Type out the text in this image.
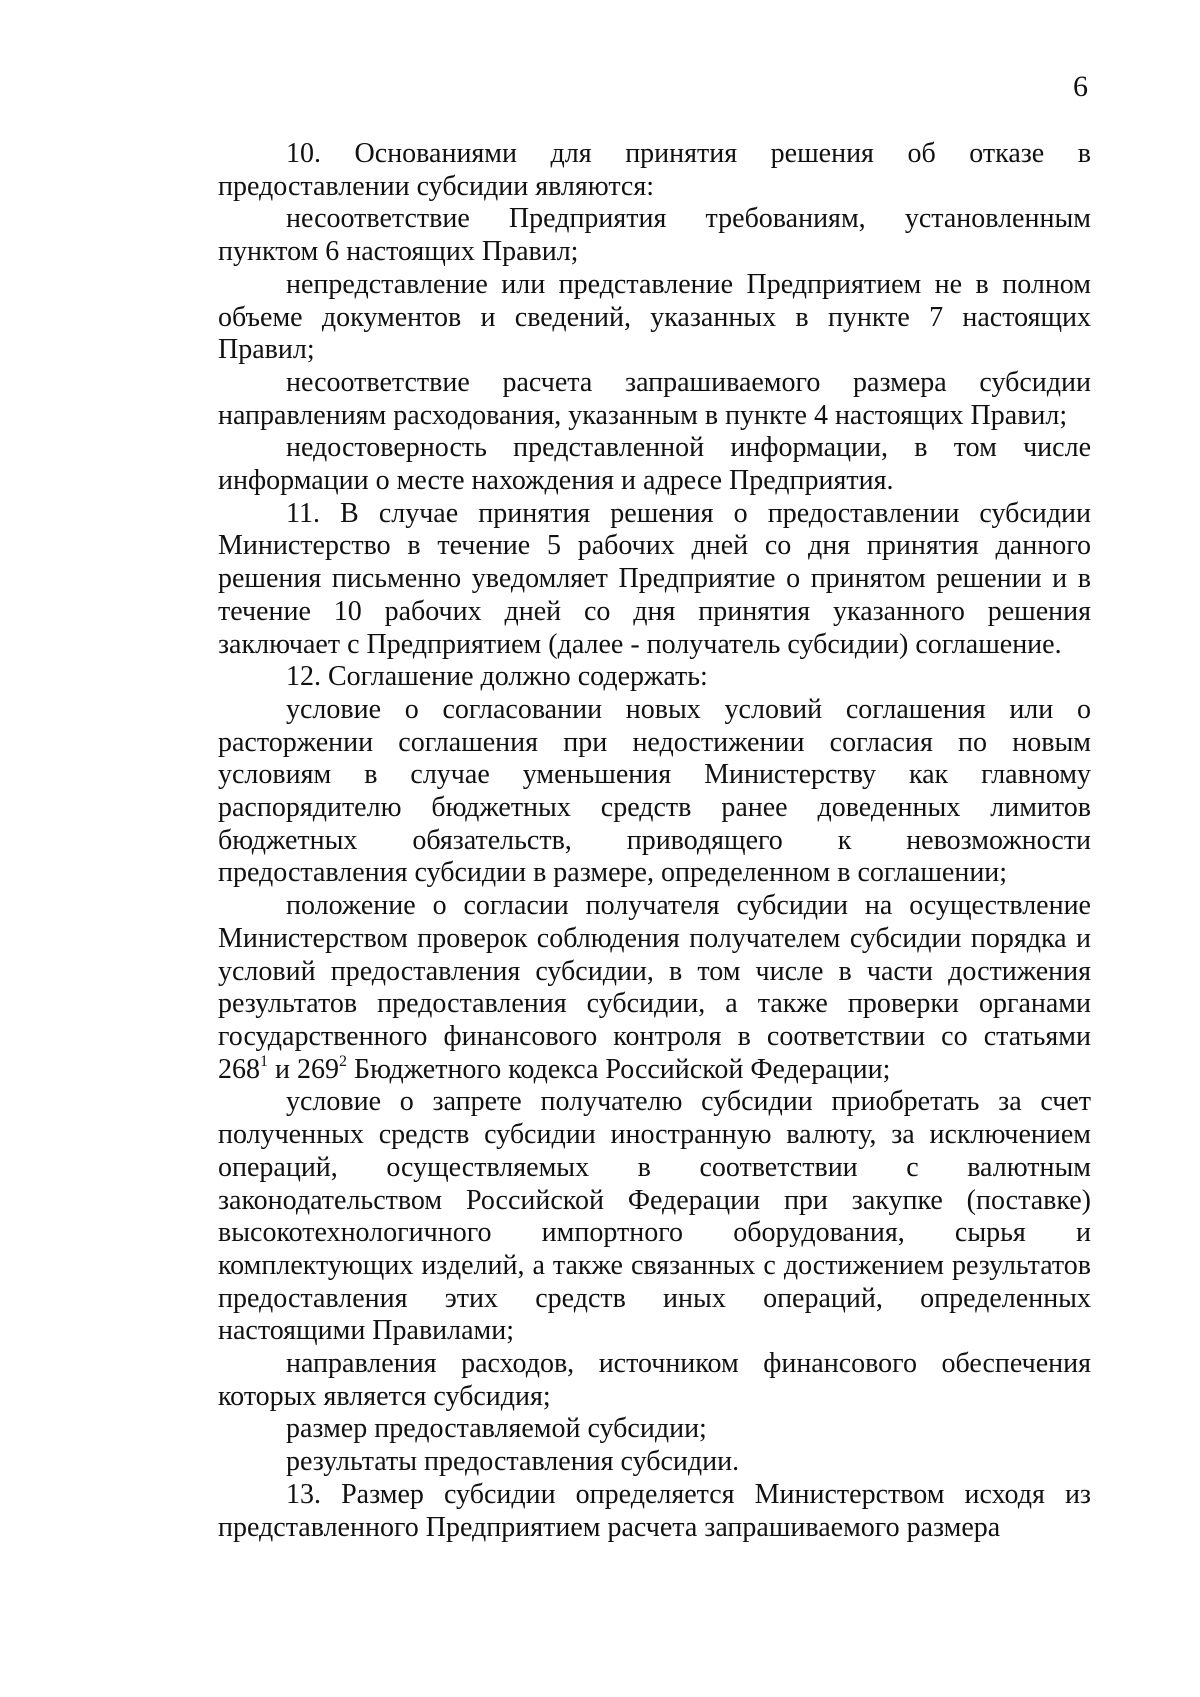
6

10. Основаниями для принятия решения об отказе в предоставлении субсидии являются:

несоответствие Предприятия требованиям, установленным пунктом 6 настоящих Правил;

непредставление или представление Предприятием не в полном объеме документов и сведений, указанных в пункте 7 настоящих Правил;

несоответствие расчета запрашиваемого размера субсидии направлениям расходования, указанным в пункте 4 настоящих Правил;

недостоверность представленной информации, в том числе информации о месте нахождения и адресе Предприятия.

11. В случае принятия решения о предоставлении субсидии Министерство в течение 5 рабочих дней со дня принятия данного решения письменно уведомляет Предприятие о принятом решении и в течение 10 рабочих дней со дня принятия указанного решения заключает с Предприятием (далее - получатель субсидии) соглашение.

12. Соглашение должно содержать:

условие о согласовании новых условий соглашения или о расторжении соглашения при недостижении согласия по новым условиям в случае уменьшения Министерству как главному распорядителю бюджетных средств ранее доведенных лимитов бюджетных обязательств, приводящего к невозможности предоставления субсидии в размере, определенном в соглашении;

положение о согласии получателя субсидии на осуществление Министерством проверок соблюдения получателем субсидии порядка и условий предоставления субсидии, в том числе в части достижения результатов предоставления субсидии, а также проверки органами государственного финансового контроля в соответствии со статьями $268^1$ и $269^2$ Бюджетного кодекса Российской Федерации;

условие о запрете получателю субсидии приобретать за счет полученных средств субсидии иностранную валюту, за исключением операций, осуществляемых в соответствии с валютным законодательством Российской Федерации при закупке (поставке) высокотехнологичного импортного оборудования, сырья и комплектующих изделий, а также связанных с достижением результатов предоставления этих средств иных операций, определенных настоящими Правилами;

направления расходов, источником финансового обеспечения которых является субсидия;

размер предоставляемой субсидии;

результаты предоставления субсидии.

13. Размер субсидии определяется Министерством исходя из представленного Предприятием расчета запрашиваемого размера
